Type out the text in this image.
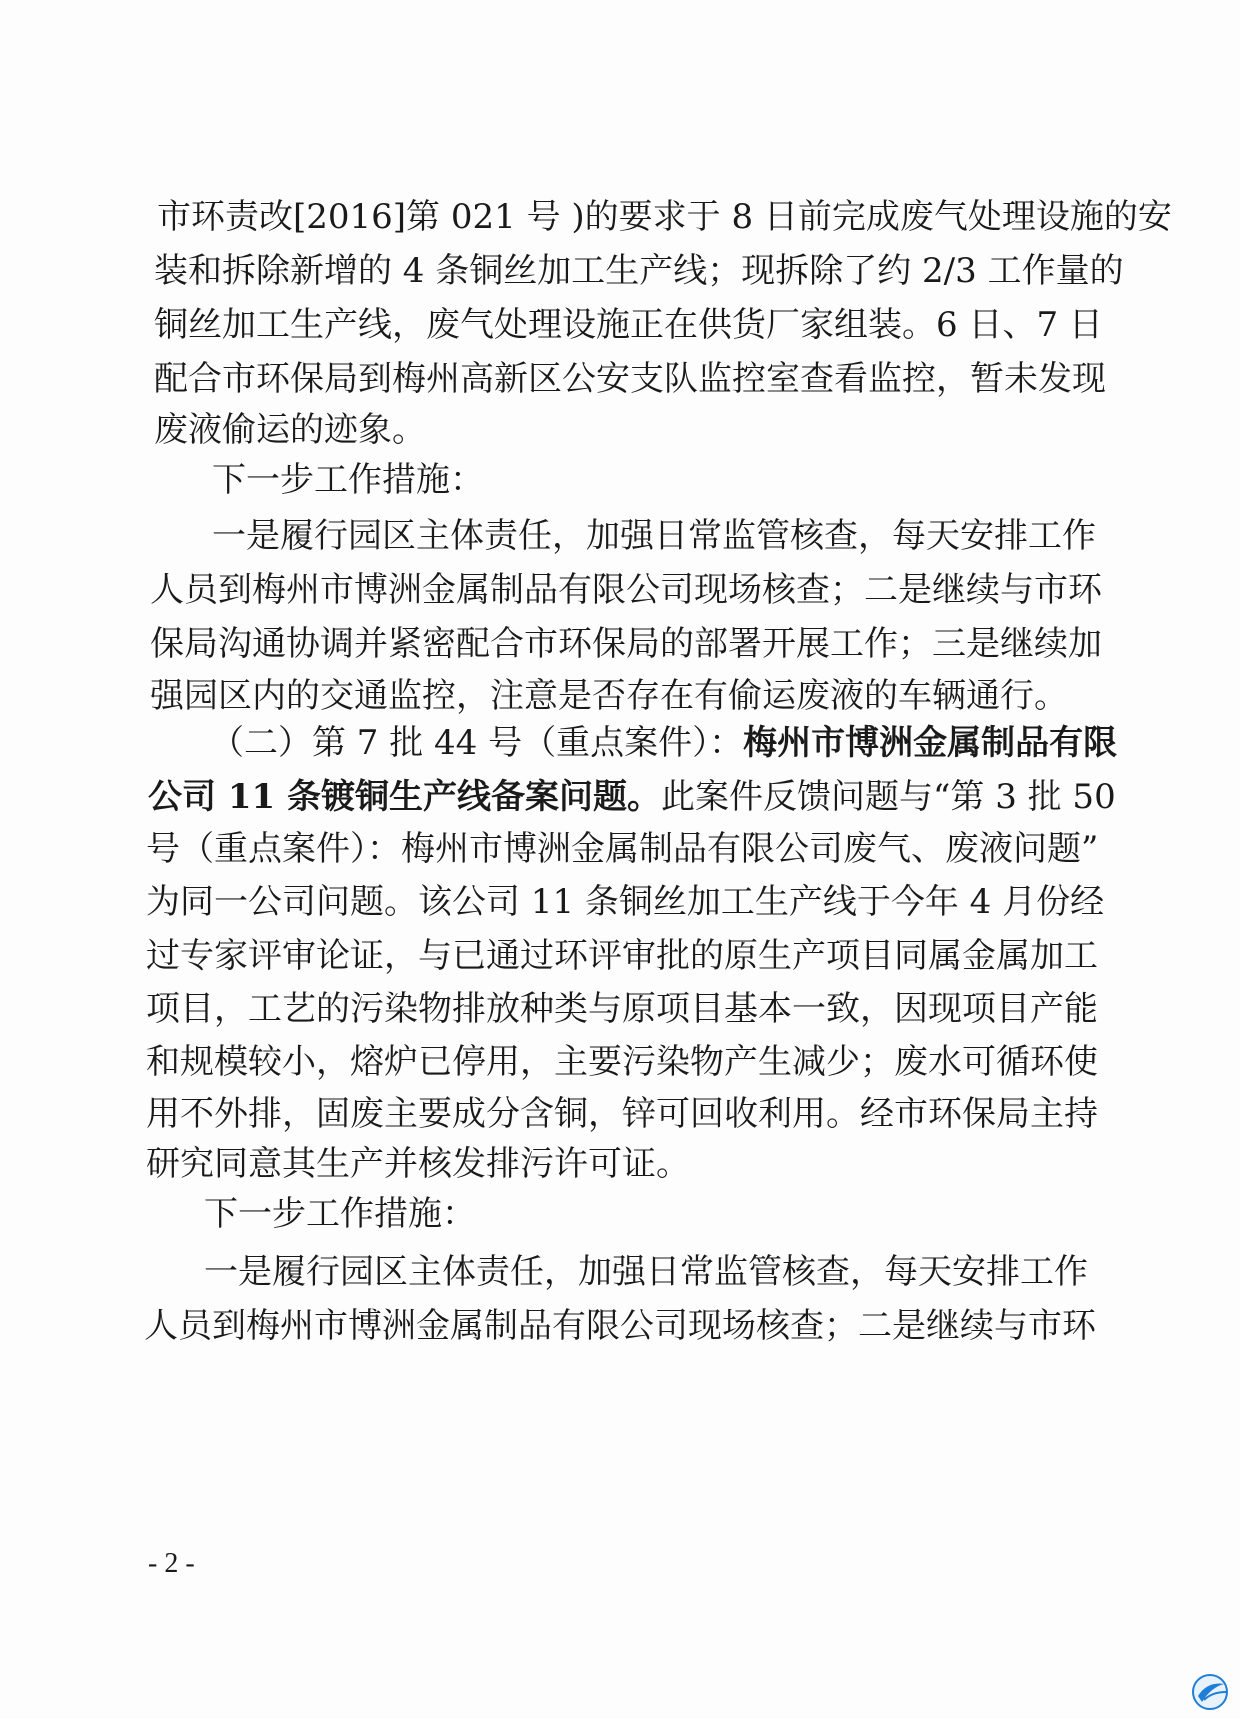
市环责改[2016]第 021 号 )的要求于 8 日前完成废气处理设施的安
装和拆除新增的 4 条铜丝加工生产线；现拆除了约 2/3 工作量的
铜丝加工生产线，废气处理设施正在供货厂家组装。6 日、7 日
配合市环保局到梅州高新区公安支队监控室查看监控，暂未发现
废液偷运的迹象。
下一步工作措施：
一是履行园区主体责任，加强日常监管核查，每天安排工作
人员到梅州市博洲金属制品有限公司现场核查；二是继续与市环
保局沟通协调并紧密配合市环保局的部署开展工作；三是继续加
强园区内的交通监控，注意是否存在有偷运废液的车辆通行。
（二）第 7 批 44 号（重点案件）：梅州市博洲金属制品有限
公司 11 条镀铜生产线备案问题。此案件反馈问题与“第 3 批 50
号（重点案件）：梅州市博洲金属制品有限公司废气、废液问题”
为同一公司问题。该公司 11 条铜丝加工生产线于今年 4 月份经
过专家评审论证，与已通过环评审批的原生产项目同属金属加工
项目，工艺的污染物排放种类与原项目基本一致，因现项目产能
和规模较小，熔炉已停用，主要污染物产生减少；废水可循环使
用不外排，固废主要成分含铜，锌可回收利用。经市环保局主持
研究同意其生产并核发排污许可证。
下一步工作措施：
一是履行园区主体责任，加强日常监管核查，每天安排工作
人员到梅州市博洲金属制品有限公司现场核查；二是继续与市环
- 2 -
